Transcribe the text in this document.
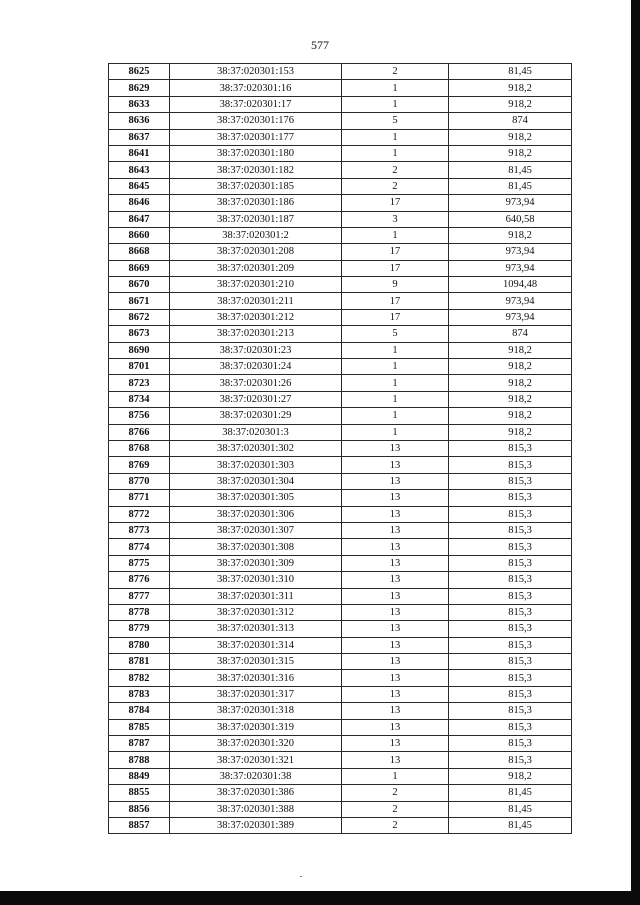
577
8625	38:37:020301:153	2	81,45
8629	38:37:020301:16	1	918,2
8633	38:37:020301:17	1	918,2
8636	38:37:020301:176	5	874
8637	38:37:020301:177	1	918,2
8641	38:37:020301:180	1	918,2
8643	38:37:020301:182	2	81,45
8645	38:37:020301:185	2	81,45
8646	38:37:020301:186	17	973,94
8647	38:37:020301:187	3	640,58
8660	38:37:020301:2	1	918,2
8668	38:37:020301:208	17	973,94
8669	38:37:020301:209	17	973,94
8670	38:37:020301:210	9	1094,48
8671	38:37:020301:211	17	973,94
8672	38:37:020301:212	17	973,94
8673	38:37:020301:213	5	874
8690	38:37:020301:23	1	918,2
8701	38:37:020301:24	1	918,2
8723	38:37:020301:26	1	918,2
8734	38:37:020301:27	1	918,2
8756	38:37:020301:29	1	918,2
8766	38:37:020301:3	1	918,2
8768	38:37:020301:302	13	815,3
8769	38:37:020301:303	13	815,3
8770	38:37:020301:304	13	815,3
8771	38:37:020301:305	13	815,3
8772	38:37:020301:306	13	815,3
8773	38:37:020301:307	13	815,3
8774	38:37:020301:308	13	815,3
8775	38:37:020301:309	13	815,3
8776	38:37:020301:310	13	815,3
8777	38:37:020301:311	13	815,3
8778	38:37:020301:312	13	815,3
8779	38:37:020301:313	13	815,3
8780	38:37:020301:314	13	815,3
8781	38:37:020301:315	13	815,3
8782	38:37:020301:316	13	815,3
8783	38:37:020301:317	13	815,3
8784	38:37:020301:318	13	815,3
8785	38:37:020301:319	13	815,3
8787	38:37:020301:320	13	815,3
8788	38:37:020301:321	13	815,3
8849	38:37:020301:38	1	918,2
8855	38:37:020301:386	2	81,45
8856	38:37:020301:388	2	81,45
8857	38:37:020301:389	2	81,45
